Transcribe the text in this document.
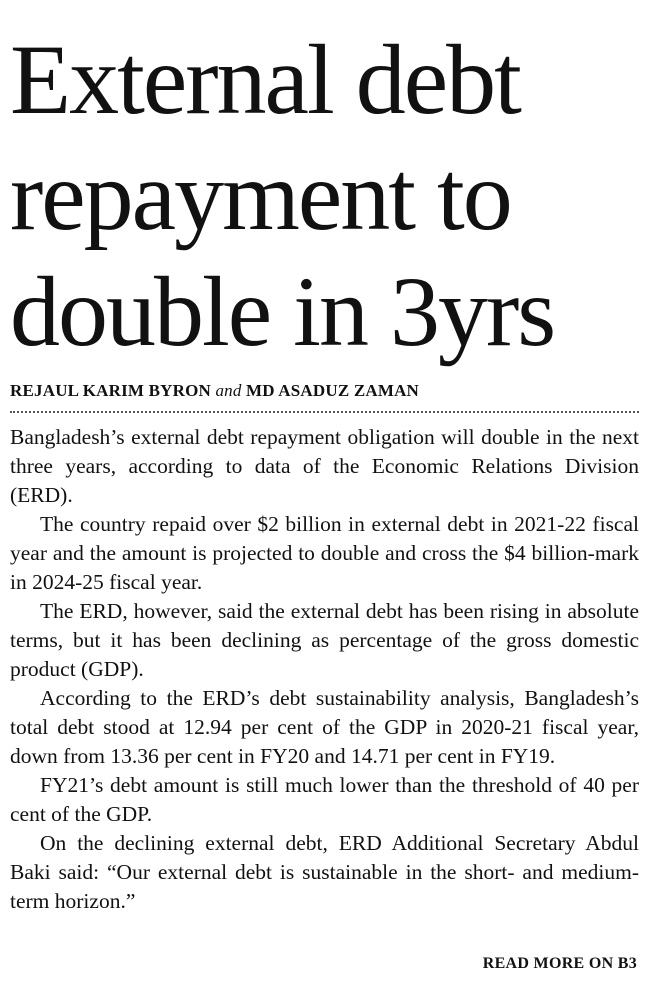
External debt
repayment to
double in 3yrs
REJAUL KARIM BYRON and MD ASADUZ ZAMAN

Bangladesh’s external debt repayment obligation will double in the next three years, according to data of the Economic Relations Division (ERD).

The country repaid over $2 billion in external debt in 2021-22 fiscal year and the amount is projected to double and cross the $4 billion-mark in 2024-25 fiscal year.

The ERD, however, said the external debt has been rising in absolute terms, but it has been declining as percentage of the gross domestic product (GDP).

According to the ERD’s debt sustainability analysis, Bangladesh’s total debt stood at 12.94 per cent of the GDP in 2020-21 fiscal year, down from 13.36 per cent in FY20 and 14.71 per cent in FY19.

FY21’s debt amount is still much lower than the threshold of 40 per cent of the GDP.

On the declining external debt, ERD Additional Secretary Abdul Baki said: “Our external debt is sustainable in the short- and medium-term horizon.”

READ MORE ON B3
